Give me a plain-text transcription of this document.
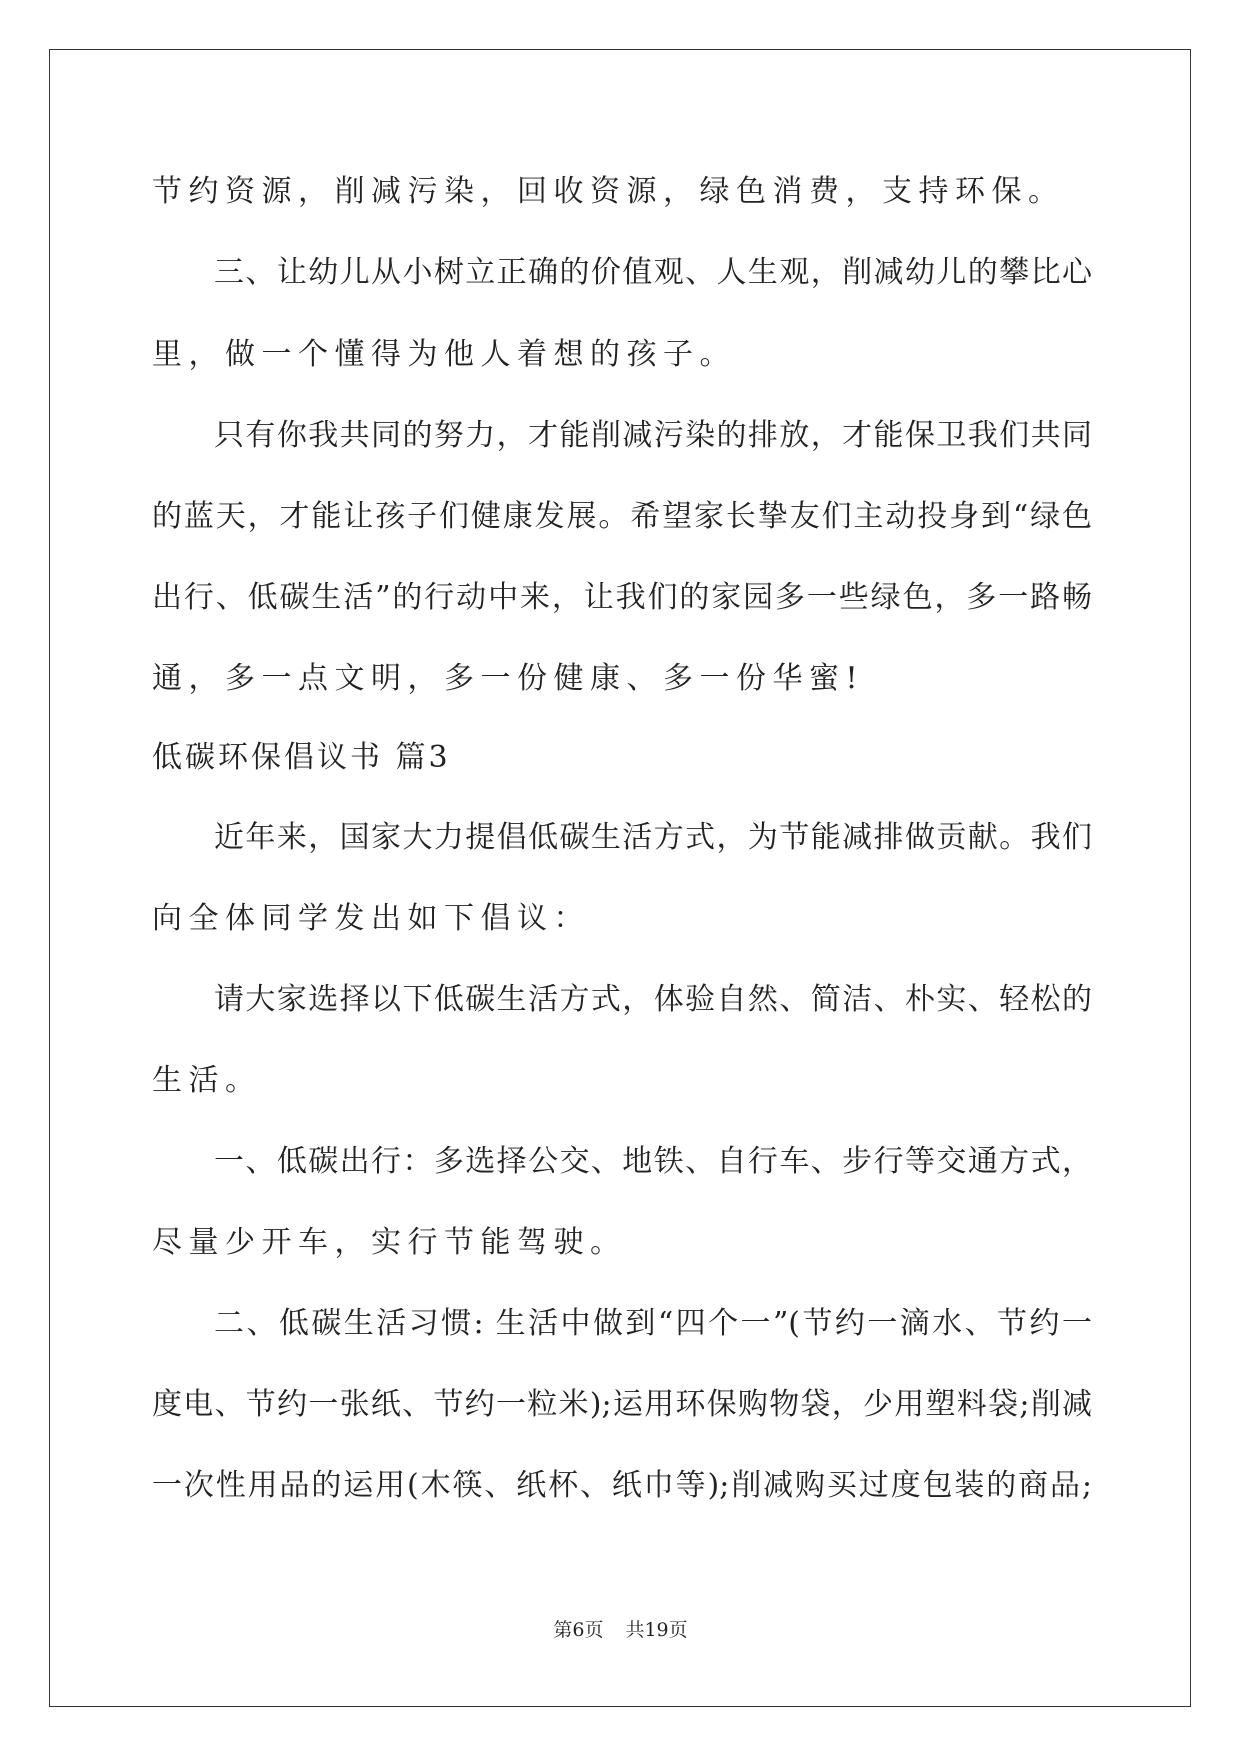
节约资源，削减污染，回收资源，绿色消费，支持环保。
三、让幼儿从小树立正确的价值观、人生观，削减幼儿的攀比心
里，做一个懂得为他人着想的孩子。
只有你我共同的努力，才能削减污染的排放，才能保卫我们共同
的蓝天，才能让孩子们健康发展。希望家长挚友们主动投身到“绿色
出行、低碳生活”的行动中来，让我们的家园多一些绿色，多一路畅
通，多一点文明，多一份健康、多一份华蜜!
低碳环保倡议书 篇3
近年来，国家大力提倡低碳生活方式，为节能减排做贡献。我们
向全体同学发出如下倡议：
请大家选择以下低碳生活方式，体验自然、简洁、朴实、轻松的
生活。
一、低碳出行：多选择公交、地铁、自行车、步行等交通方式，
尽量少开车，实行节能驾驶。
二、低碳生活习惯: 生活中做到“四个一”(节约一滴水、节约一
度电、节约一张纸、节约一粒米);运用环保购物袋，少用塑料袋;削减
一次性用品的运用(木筷、纸杯、纸巾等);削减购买过度包装的商品;
第6页 共19页
